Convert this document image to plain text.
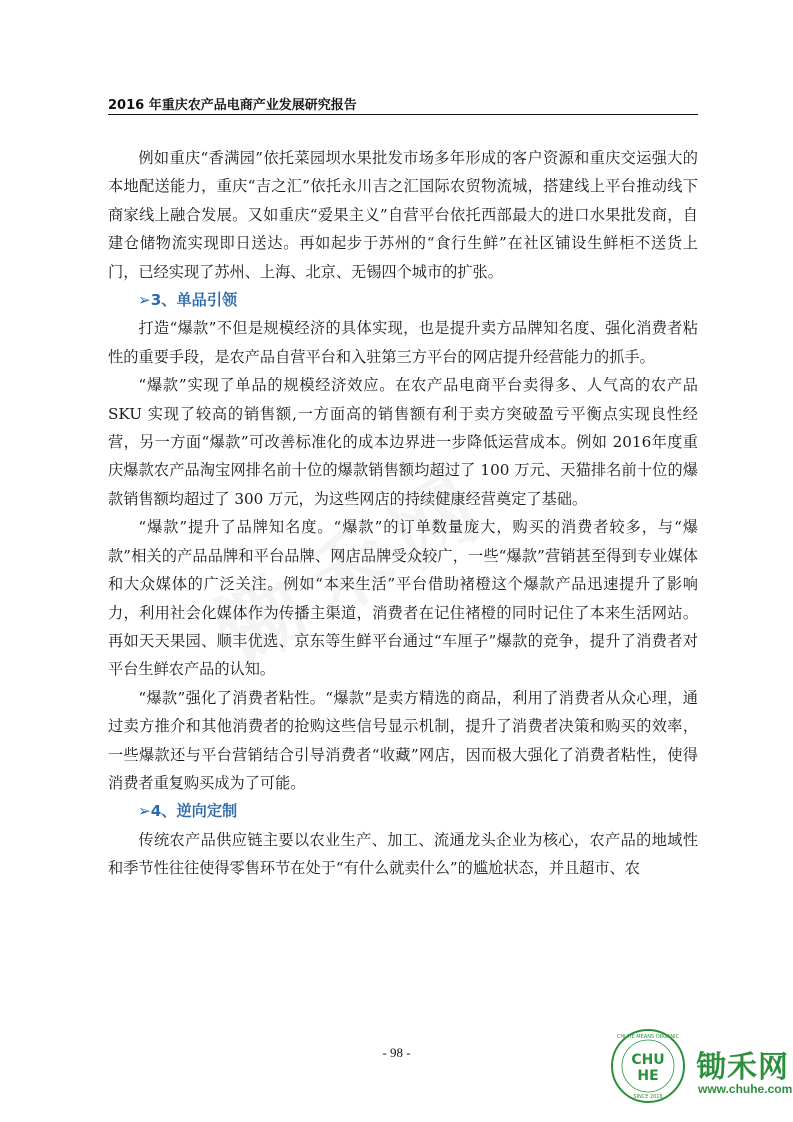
2016 年重庆农产品电商产业发展研究报告

例如重庆“香满园”依托菜园坝水果批发市场多年形成的客户资源和重庆交运强大的本地配送能力，重庆“吉之汇”依托永川吉之汇国际农贸物流城，搭建线上平台推动线下商家线上融合发展。又如重庆“爱果主义”自营平台依托西部最大的进口水果批发商，自建仓储物流实现即日送达。再如起步于苏州的“食行生鲜”在社区铺设生鲜柜不送货上门，已经实现了苏州、上海、北京、无锡四个城市的扩张。

➢3、单品引领

打造“爆款”不但是规模经济的具体实现，也是提升卖方品牌知名度、强化消费者粘性的重要手段，是农产品自营平台和入驻第三方平台的网店提升经营能力的抓手。

“爆款”实现了单品的规模经济效应。在农产品电商平台卖得多、人气高的农产品 SKU 实现了较高的销售额,一方面高的销售额有利于卖方突破盈亏平衡点实现良性经营，另一方面“爆款”可改善标准化的成本边界进一步降低运营成本。例如 2016年度重庆爆款农产品淘宝网排名前十位的爆款销售额均超过了 100 万元、天猫排名前十位的爆款销售额均超过了 300 万元，为这些网店的持续健康经营奠定了基础。

“爆款”提升了品牌知名度。“爆款”的订单数量庞大，购买的消费者较多，与“爆款”相关的产品品牌和平台品牌、网店品牌受众较广，一些“爆款”营销甚至得到专业媒体和大众媒体的广泛关注。例如“本来生活”平台借助褚橙这个爆款产品迅速提升了影响力，利用社会化媒体作为传播主渠道，消费者在记住褚橙的同时记住了本来生活网站。再如天天果园、顺丰优选、京东等生鲜平台通过“车厘子”爆款的竞争，提升了消费者对平台生鲜农产品的认知。

“爆款”强化了消费者粘性。“爆款”是卖方精选的商品，利用了消费者从众心理，通过卖方推介和其他消费者的抢购这些信号显示机制，提升了消费者决策和购买的效率，一些爆款还与平台营销结合引导消费者“收藏”网店，因而极大强化了消费者粘性，使得消费者重复购买成为了可能。

➢4、逆向定制

传统农产品供应链主要以农业生产、加工、流通龙头企业为核心，农产品的地域性和季节性往往使得零售环节在处于“有什么就卖什么”的尴尬状态，并且超市、农

- 98 -	CHU
HE
CHUHE MEANS ORGANIC
SINCE 2016
锄禾网
www.chuhe.com
